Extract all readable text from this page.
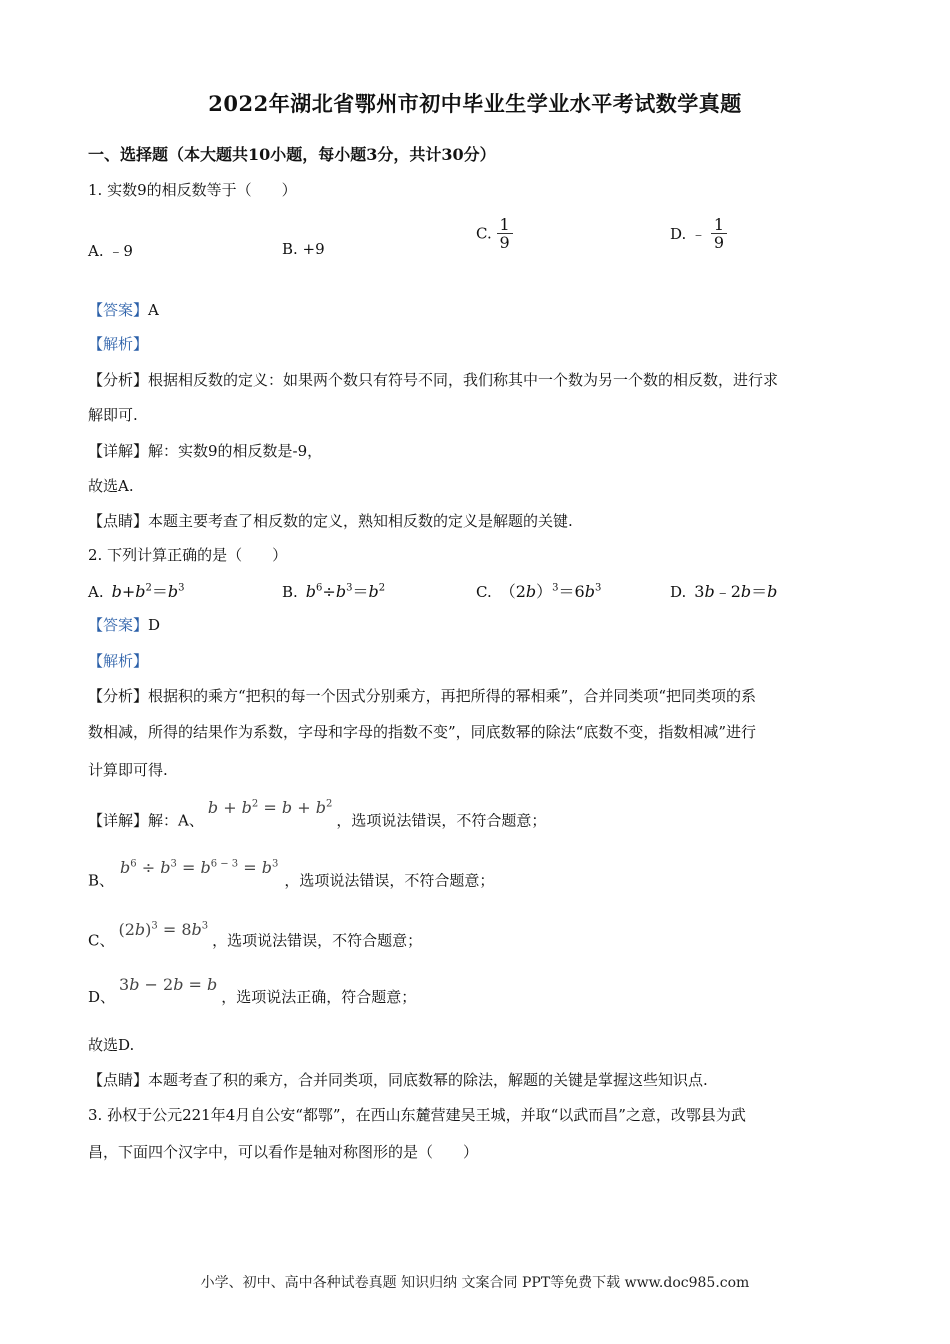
2022年湖北省鄂州市初中毕业生学业水平考试数学真题
一、选择题（本大题共10小题，每小题3分，共计30分）
1. 实数9的相反数等于（　　）
A. ﹣9	B. +9
C. $\frac{1}{9}$	D. ﹣ $\frac{1}{9}$
【答案】A
【解析】
【分析】根据相反数的定义：如果两个数只有符号不同，我们称其中一个数为另一个数的相反数，进行求
解即可.
【详解】解：实数9的相反数是-9，
故选A.
【点睛】本题主要考查了相反数的定义，熟知相反数的定义是解题的关键.
2. 下列计算正确的是（　　）
A. $b+b^2=b^3$	B. $b^6\div b^3=b^2$	C. $(2b)^3=6b^3$	D. 3b﹣2b＝b
【答案】D
【解析】
【分析】根据积的乘方“把积的每一个因式分别乘方，再把所得的幂相乘”，合并同类项“把同类项的系
数相减，所得的结果作为系数，字母和字母的指数不变”，同底数幂的除法“底数不变，指数相减”进行
计算即可得.
【详解】解：A、$b + b^2 = b + b^2$，选项说法错误，不符合题意；
B、$b^6 \div b^3 = b^{6 - 3} = b^3$，选项说法错误，不符合题意；
C、$(2b)^3 = 8b^3$，选项说法错误，不符合题意；
D、3b − 2b = b，选项说法正确，符合题意；
故选D.
【点睛】本题考查了积的乘方，合并同类项，同底数幂的除法，解题的关键是掌握这些知识点.
3. 孙权于公元221年4月自公安“都鄂”，在西山东麓营建吴王城，并取“以武而昌”之意，改鄂县为武
昌，下面四个汉字中，可以看作是轴对称图形的是（　　）
小学、初中、高中各种试卷真题 知识归纳 文案合同 PPT等免费下载 www.doc985.com
